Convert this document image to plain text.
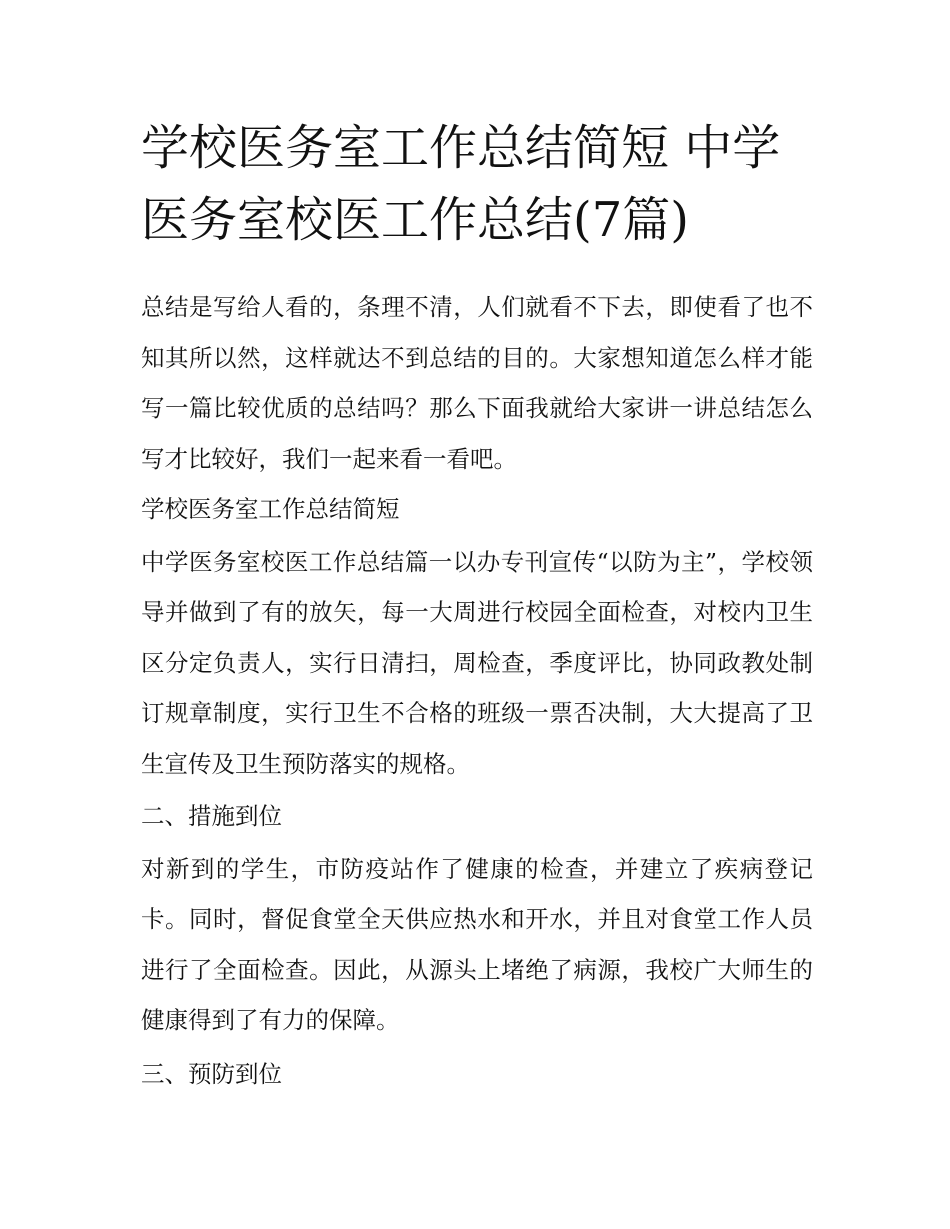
学校医务室工作总结简短 中学医务室校医工作总结(7篇)

总结是写给人看的，条理不清，人们就看不下去，即使看了也不知其所以然，这样就达不到总结的目的。大家想知道怎么样才能写一篇比较优质的总结吗？那么下面我就给大家讲一讲总结怎么写才比较好，我们一起来看一看吧。

学校医务室工作总结简短

中学医务室校医工作总结篇一以办专刊宣传“以防为主”，学校领导并做到了有的放矢，每一大周进行校园全面检查，对校内卫生区分定负责人，实行日清扫，周检查，季度评比，协同政教处制订规章制度，实行卫生不合格的班级一票否决制，大大提高了卫生宣传及卫生预防落实的规格。

二、措施到位

对新到的学生，市防疫站作了健康的检查，并建立了疾病登记卡。同时，督促食堂全天供应热水和开水，并且对食堂工作人员进行了全面检查。因此，从源头上堵绝了病源，我校广大师生的健康得到了有力的保障。

三、预防到位
